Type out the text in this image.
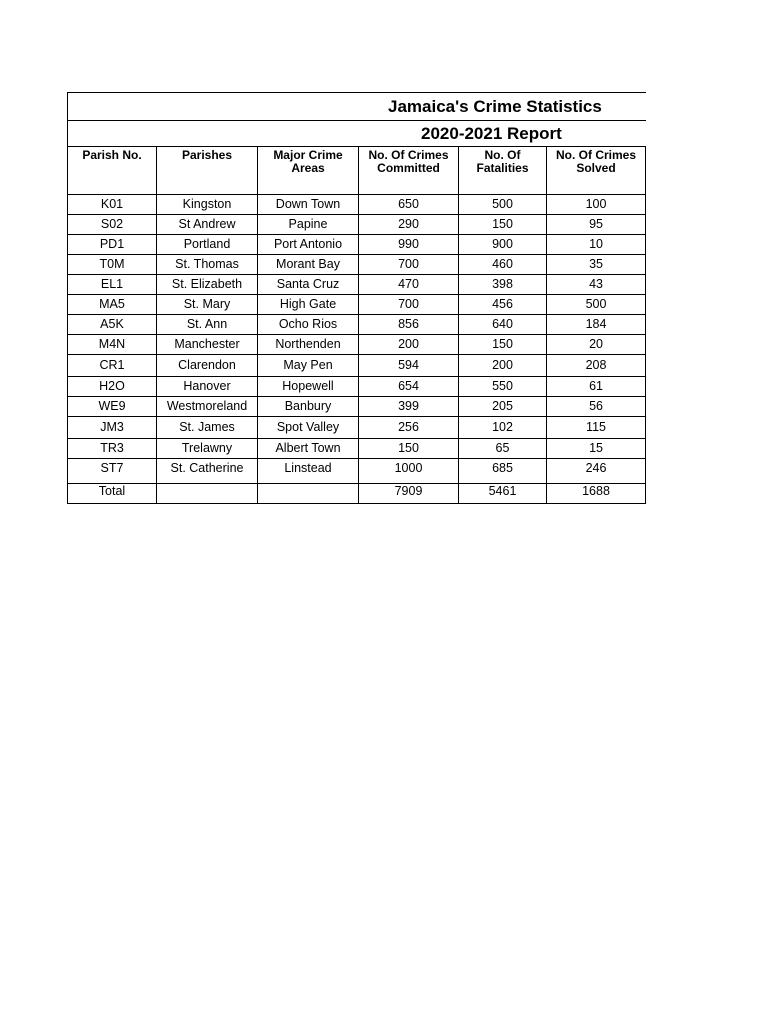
Jamaica's Crime Statistics					
2020-2021 Report					
Parish No.	Parishes	Major Crime Areas	No. Of Crimes Committed	No. Of Fatalities	No. Of Crimes Solved
K01	Kingston	Down Town	650	500	100
S02	St Andrew	Papine	290	150	95
PD1	Portland	Port Antonio	990	900	10
T0M	St. Thomas	Morant Bay	700	460	35
EL1	St. Elizabeth	Santa Cruz	470	398	43
MA5	St. Mary	High Gate	700	456	500
A5K	St. Ann	Ocho Rios	856	640	184
M4N	Manchester	Northenden	200	150	20
CR1	Clarendon	May Pen	594	200	208
H2O	Hanover	Hopewell	654	550	61
WE9	Westmoreland	Banbury	399	205	56
JM3	St. James	Spot Valley	256	102	115
TR3	Trelawny	Albert Town	150	65	15
ST7	St. Catherine	Linstead	1000	685	246
Total			7909	5461	1688
